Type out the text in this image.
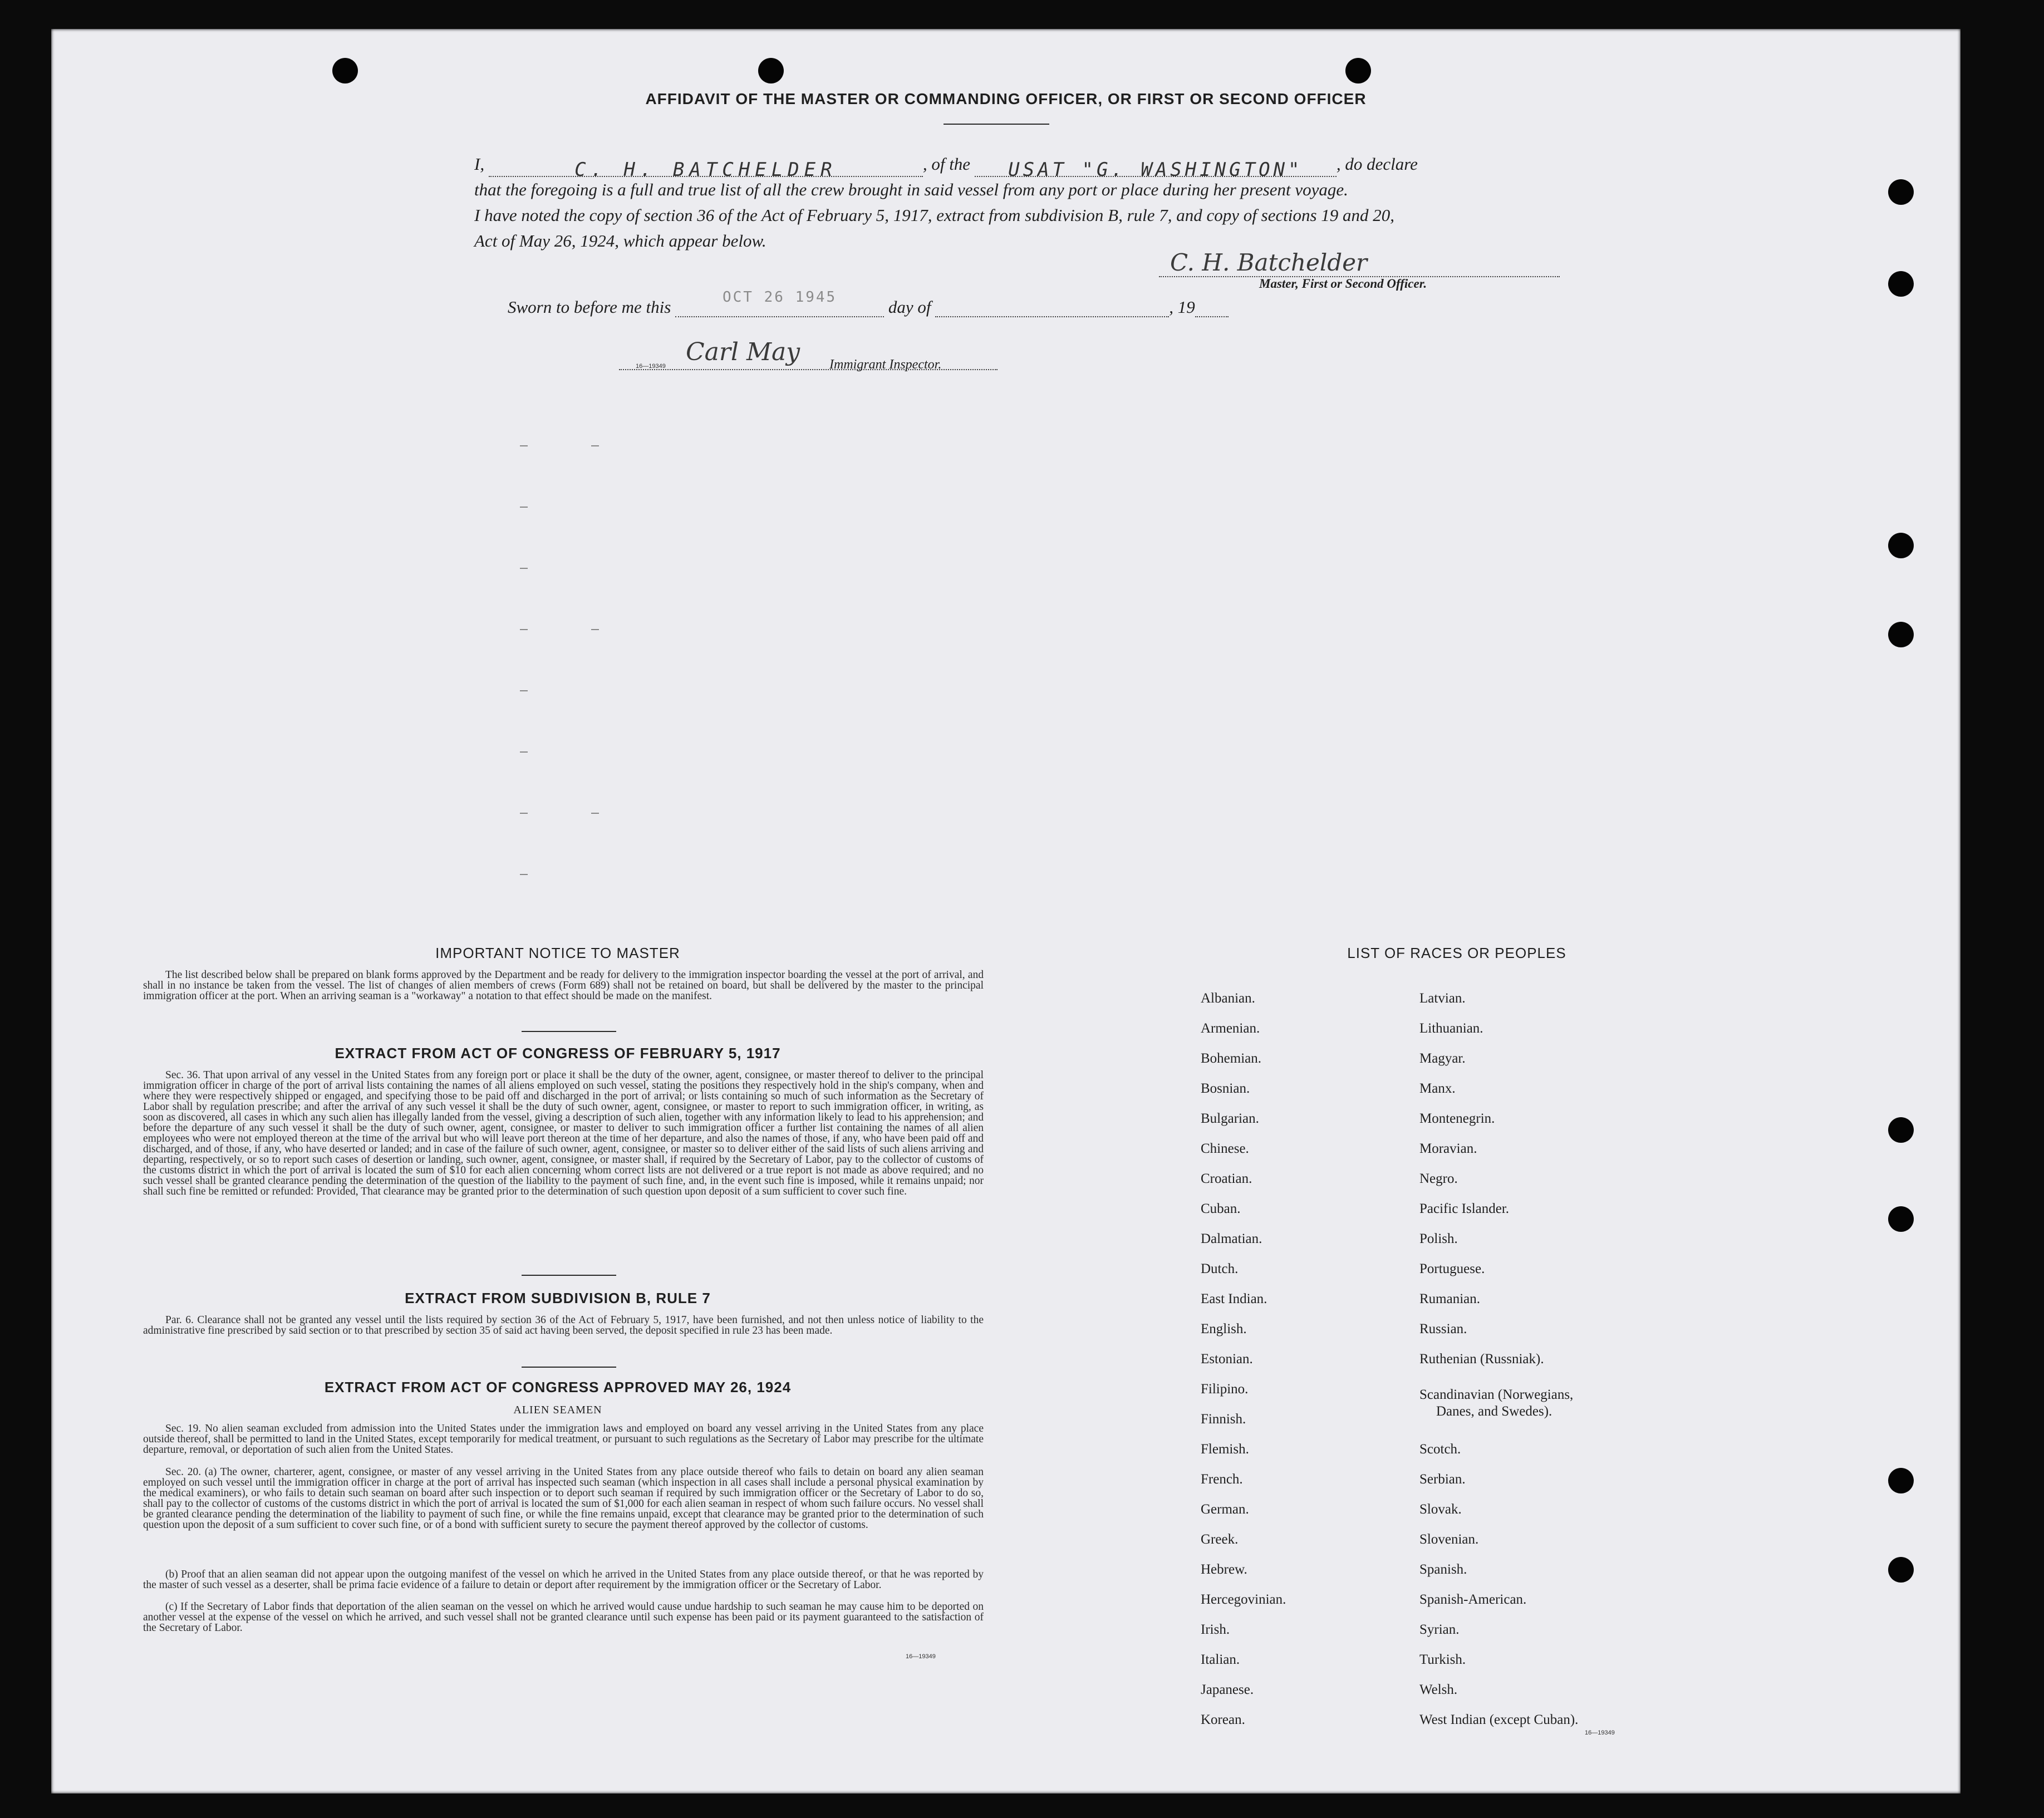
AFFIDAVIT OF THE MASTER OR COMMANDING OFFICER, OR FIRST OR SECOND OFFICER
I,	C. H. BATCHELDER	, of the USAT "G. WASHINGTON" , do declare
that the foregoing is a full and true list of all the crew brought in said vessel from any port or place during her present voyage.
I have noted the copy of section 36 of the Act of February 5, 1917, extract from subdivision B, rule 7, and copy of sections 19 and 20,
Act of May 26, 1924, which appear below.
C. H. Batchelder
Master, First or Second Officer.
Sworn to before me this	$^{OCT 26 1945}$	day of	, 19
Carl May
16—19349	Immigrant Inspector.
IMPORTANT NOTICE TO MASTER
The list described below shall be prepared on blank forms approved by the Department and be ready for delivery to the immigration inspector boarding the vessel at the port of arrival, and shall in no instance be taken from the vessel. The list of changes of alien members of crews (Form 689) shall not be retained on board, but shall be delivered by the master to the principal immigration officer at the port. When an arriving seaman is a "workaway" a notation to that effect should be made on the manifest.
EXTRACT FROM ACT OF CONGRESS OF FEBRUARY 5, 1917
Sec. 36. That upon arrival of any vessel in the United States from any foreign port or place it shall be the duty of the owner, agent, consignee, or master thereof to deliver to the principal immigration officer in charge of the port of arrival lists containing the names of all aliens employed on such vessel, stating the positions they respectively hold in the ship's company, when and where they were respectively shipped or engaged, and specifying those to be paid off and discharged in the port of arrival; or lists containing so much of such information as the Secretary of Labor shall by regulation prescribe; and after the arrival of any such vessel it shall be the duty of such owner, agent, consignee, or master to report to such immigration officer, in writing, as soon as discovered, all cases in which any such alien has illegally landed from the vessel, giving a description of such alien, together with any information likely to lead to his apprehension; and before the departure of any such vessel it shall be the duty of such owner, agent, consignee, or master to deliver to such immigration officer a further list containing the names of all alien employees who were not employed thereon at the time of the arrival but who will leave port thereon at the time of her departure, and also the names of those, if any, who have been paid off and discharged, and of those, if any, who have deserted or landed; and in case of the failure of such owner, agent, consignee, or master so to deliver either of the said lists of such aliens arriving and departing, respectively, or so to report such cases of desertion or landing, such owner, agent, consignee, or master shall, if required by the Secretary of Labor, pay to the collector of customs of the customs district in which the port of arrival is located the sum of $10 for each alien concerning whom correct lists are not delivered or a true report is not made as above required; and no such vessel shall be granted clearance pending the determination of the question of the liability to the payment of such fine, and, in the event such fine is imposed, while it remains unpaid; nor shall such fine be remitted or refunded: Provided, That clearance may be granted prior to the determination of such question upon deposit of a sum sufficient to cover such fine.
EXTRACT FROM SUBDIVISION B, RULE 7
Par. 6. Clearance shall not be granted any vessel until the lists required by section 36 of the Act of February 5, 1917, have been furnished, and not then unless notice of liability to the administrative fine prescribed by said section or to that prescribed by section 35 of said act having been served, the deposit specified in rule 23 has been made.
EXTRACT FROM ACT OF CONGRESS APPROVED MAY 26, 1924
ALIEN SEAMEN
Sec. 19. No alien seaman excluded from admission into the United States under the immigration laws and employed on board any vessel arriving in the United States from any place outside thereof, shall be permitted to land in the United States, except temporarily for medical treatment, or pursuant to such regulations as the Secretary of Labor may prescribe for the ultimate departure, removal, or deportation of such alien from the United States.
Sec. 20. (a) The owner, charterer, agent, consignee, or master of any vessel arriving in the United States from any place outside thereof who fails to detain on board any alien seaman employed on such vessel until the immigration officer in charge at the port of arrival has inspected such seaman (which inspection in all cases shall include a personal physical examination by the medical examiners), or who fails to detain such seaman on board after such inspection or to deport such seaman if required by such immigration officer or the Secretary of Labor to do so, shall pay to the collector of customs of the customs district in which the port of arrival is located the sum of $1,000 for each alien seaman in respect of whom such failure occurs. No vessel shall be granted clearance pending the determination of the liability to payment of such fine, or while the fine remains unpaid, except that clearance may be granted prior to the determination of such question upon the deposit of a sum sufficient to cover such fine, or of a bond with sufficient surety to secure the payment thereof approved by the collector of customs.
(b) Proof that an alien seaman did not appear upon the outgoing manifest of the vessel on which he arrived in the United States from any place outside thereof, or that he was reported by the master of such vessel as a deserter, shall be prima facie evidence of a failure to detain or deport after requirement by the immigration officer or the Secretary of Labor.
(c) If the Secretary of Labor finds that deportation of the alien seaman on the vessel on which he arrived would cause undue hardship to such seaman he may cause him to be deported on another vessel at the expense of the vessel on which he arrived, and such vessel shall not be granted clearance until such expense has been paid or its payment guaranteed to the satisfaction of the Secretary of Labor.
16—19349
LIST OF RACES OR PEOPLES
Albanian.
Armenian.
Bohemian.
Bosnian.
Bulgarian.
Chinese.
Croatian.
Cuban.
Dalmatian.
Dutch.
East Indian.
English.
Estonian.
Filipino.
Finnish.
Flemish.
French.
German.
Greek.
Hebrew.
Hercegovinian.
Irish.
Italian.
Japanese.
Korean.
Latvian.
Lithuanian.
Magyar.
Manx.
Montenegrin.
Moravian.
Negro.
Pacific Islander.
Polish.
Portuguese.
Rumanian.
Russian.
Ruthenian (Russniak).
Scandinavian (Norwegians,
Danes, and Swedes).
Scotch.
Serbian.
Slovak.
Slovenian.
Spanish.
Spanish-American.
Syrian.
Turkish.
Welsh.
West Indian (except Cuban).
16—19349
